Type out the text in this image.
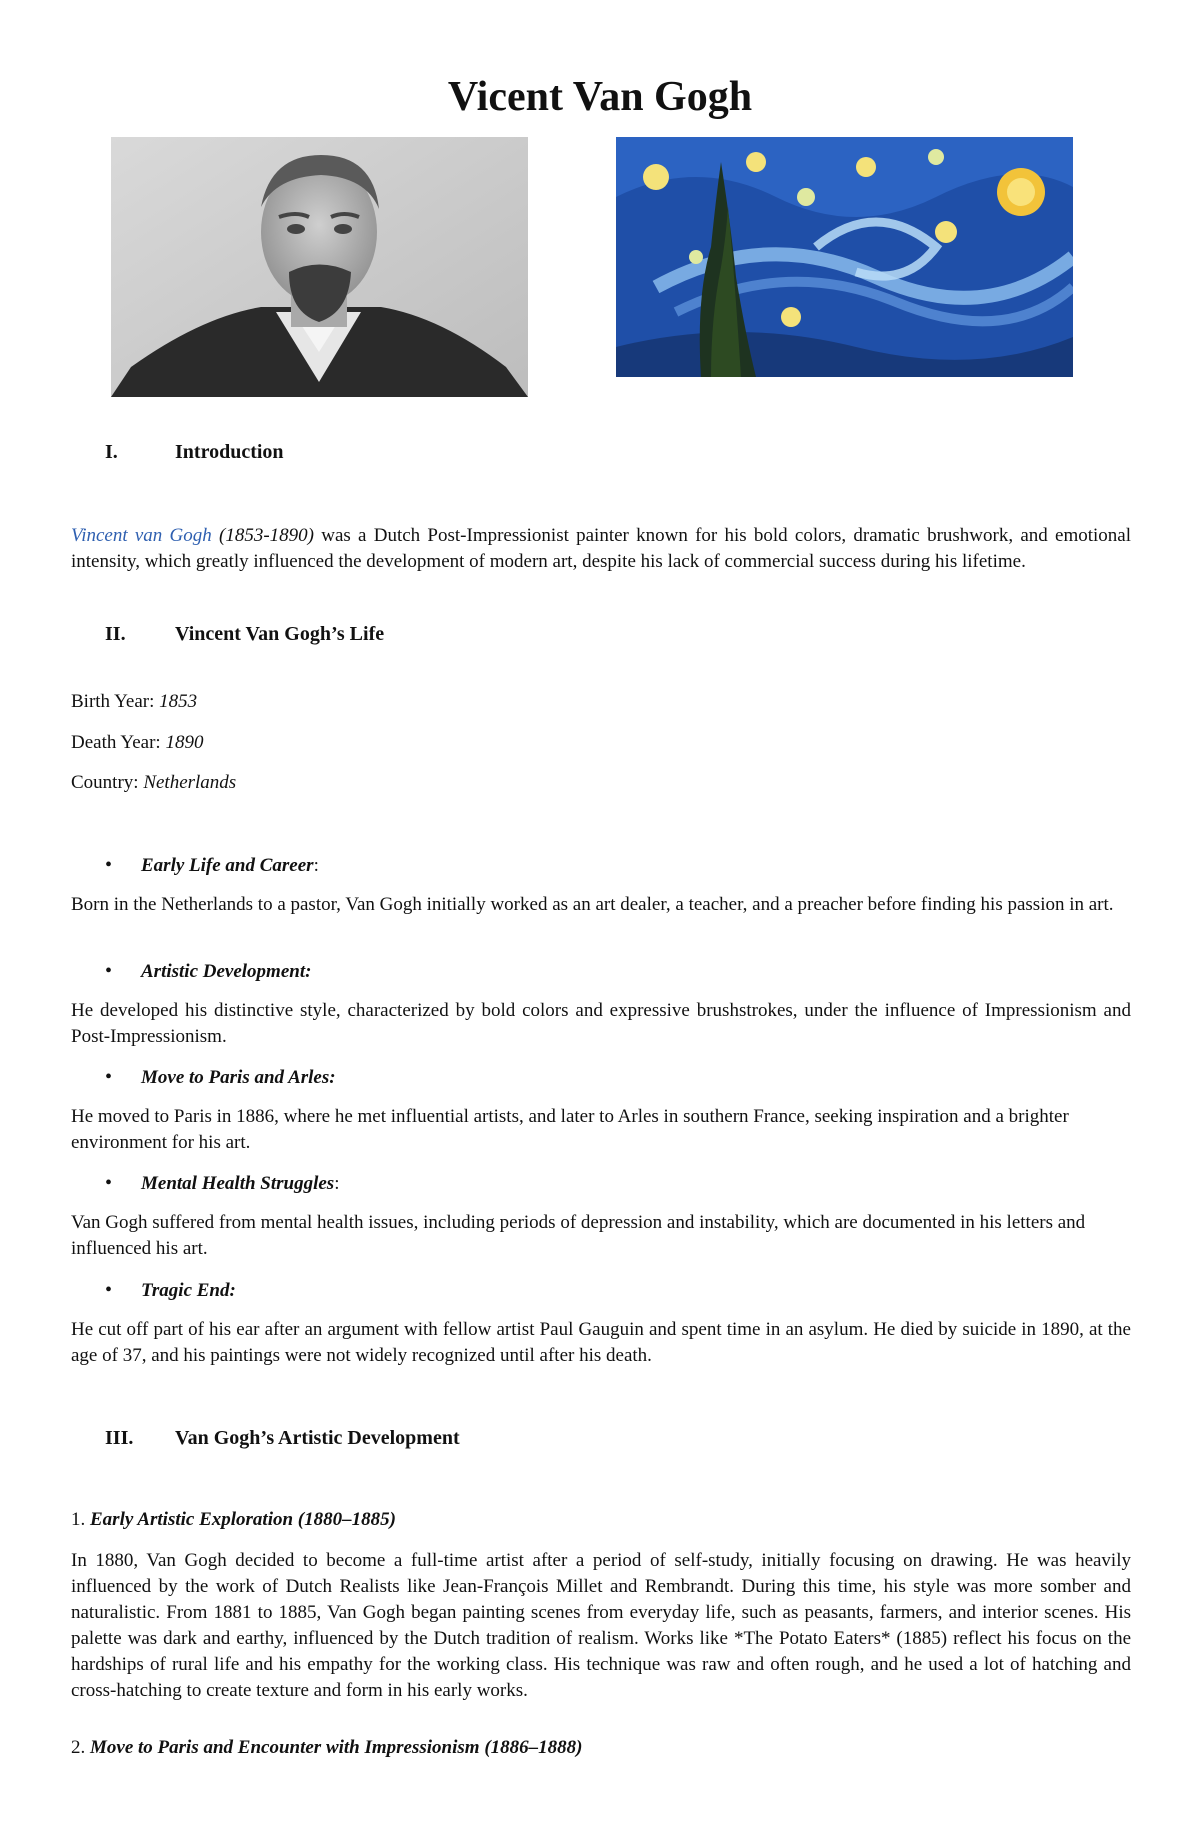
Vicent Van Gogh
I.	Introduction

Vincent van Gogh (1853-1890) was a Dutch Post-Impressionist painter known for his bold colors, dramatic brushwork, and emotional intensity, which greatly influenced the development of modern art, despite his lack of commercial success during his lifetime.

II. Vincent Van Gogh’s Life
Birth Year: 1853
Death Year: 1890
Country: Netherlands
• Early Life and Career:

Born in the Netherlands to a pastor, Van Gogh initially worked as an art dealer, a teacher, and a preacher before finding his passion in art.

• Artistic Development:

He developed his distinctive style, characterized by bold colors and expressive brushstrokes, under the influence of Impressionism and Post-Impressionism.

• Move to Paris and Arles:

He moved to Paris in 1886, where he met influential artists, and later to Arles in southern France, seeking inspiration and a brighter environment for his art.

• Mental Health Struggles:

Van Gogh suffered from mental health issues, including periods of depression and instability, which are documented in his letters and influenced his art.

• Tragic End:

He cut off part of his ear after an argument with fellow artist Paul Gauguin and spent time in an asylum. He died by suicide in 1890, at the age of 37, and his paintings were not widely recognized until after his death.

III. Van Gogh’s Artistic Development
1. Early Artistic Exploration (1880–1885)

In 1880, Van Gogh decided to become a full-time artist after a period of self-study, initially focusing on drawing. He was heavily influenced by the work of Dutch Realists like Jean-François Millet and Rembrandt. During this time, his style was more somber and naturalistic. From 1881 to 1885, Van Gogh began painting scenes from everyday life, such as peasants, farmers, and interior scenes. His palette was dark and earthy, influenced by the Dutch tradition of realism. Works like *The Potato Eaters* (1885) reflect his focus on the hardships of rural life and his empathy for the working class. His technique was raw and often rough, and he used a lot of hatching and cross-hatching to create texture and form in his early works.

2. Move to Paris and Encounter with Impressionism (1886–1888)
